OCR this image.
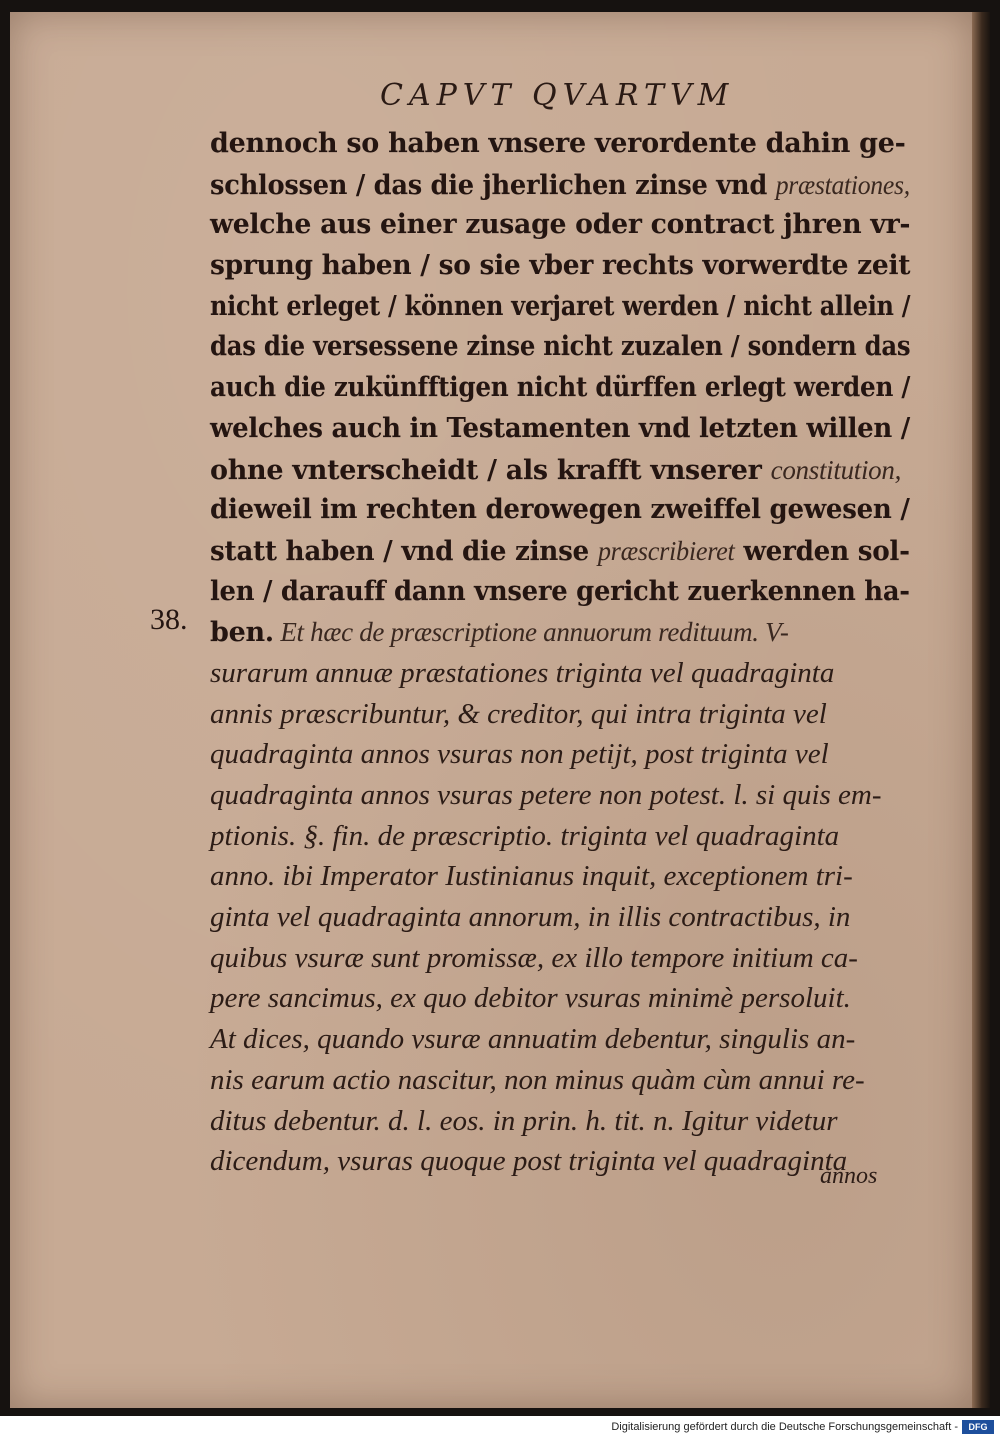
CAPVT QVARTVM
38.
dennoch so haben vnsere verordente dahin ge-
schlossen / das die jherlichen zinse vnd præstationes,
welche aus einer zusage oder contract jhren vr-
sprung haben / so sie vber rechts vorwerdte zeit
nicht erleget / können verjaret werden / nicht allein /
das die versessene zinse nicht zuzalen / sondern das
auch die zukünfftigen nicht dürffen erlegt werden /
welches auch in Testamenten vnd letzten willen /
ohne vnterscheidt / als krafft vnserer constitution,
dieweil im rechten derowegen zweiffel gewesen /
statt haben / vnd die zinse præscribieret werden sol-
len / darauff dann vnsere gericht zuerkennen ha-
ben. Et hæc de præscriptione annuorum redituum. V-
surarum annuæ præstationes triginta vel quadraginta
annis præscribuntur, & creditor, qui intra triginta vel
quadraginta annos vsuras non petijt, post triginta vel
quadraginta annos vsuras petere non potest. l. si quis em-
ptionis. §. fin. de præscriptio. triginta vel quadraginta
anno. ibi Imperator Iustinianus inquit, exceptionem tri-
ginta vel quadraginta annorum, in illis contractibus, in
quibus vsuræ sunt promissæ, ex illo tempore initium ca-
pere sancimus, ex quo debitor vsuras minimè persoluit.
At dices, quando vsuræ annuatim debentur, singulis an-
nis earum actio nascitur, non minus quàm cùm annui re-
ditus debentur. d. l. eos. in prin. h. tit. n. Igitur videtur
dicendum, vsuras quoque post triginta vel quadraginta
annos
Digitalisierung gefördert durch die Deutsche Forschungsgemeinschaft -	DFG
